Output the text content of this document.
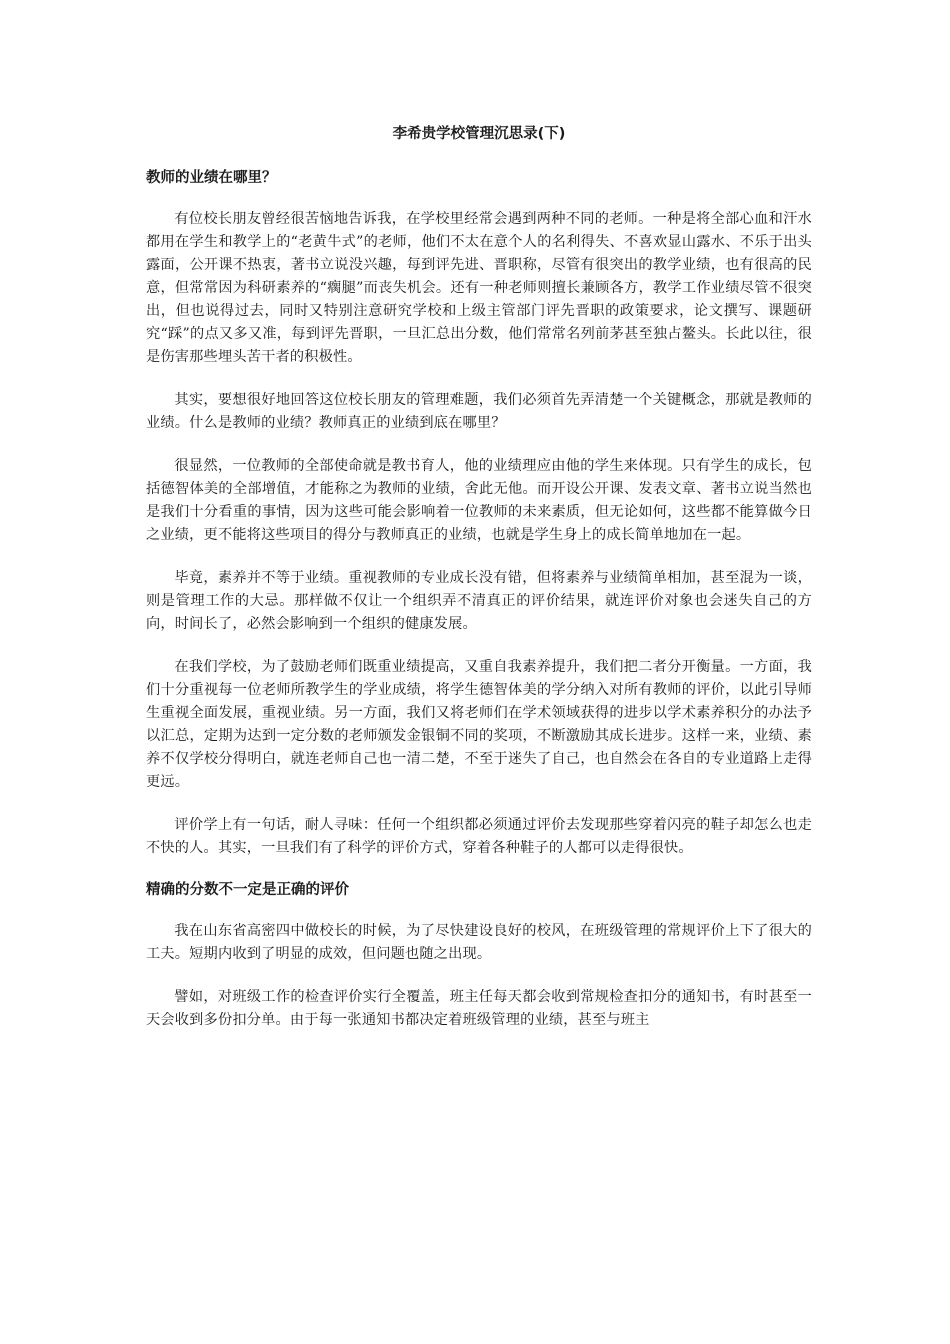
李希贵学校管理沉思录(下)
教师的业绩在哪里？

有位校长朋友曾经很苦恼地告诉我，在学校里经常会遇到两种不同的老师。一种是将全部心血和汗水都用在学生和教学上的“老黄牛式”的老师，他们不太在意个人的名利得失、不喜欢显山露水、不乐于出头露面，公开课不热衷，著书立说没兴趣，每到评先进、晋职称，尽管有很突出的教学业绩，也有很高的民意，但常常因为科研素养的“瘸腿”而丧失机会。还有一种老师则擅长兼顾各方，教学工作业绩尽管不很突出，但也说得过去，同时又特别注意研究学校和上级主管部门评先晋职的政策要求，论文撰写、课题研究“踩”的点又多又准，每到评先晋职，一旦汇总出分数，他们常常名列前茅甚至独占鳌头。长此以往，很是伤害那些埋头苦干者的积极性。

其实，要想很好地回答这位校长朋友的管理难题，我们必须首先弄清楚一个关键概念，那就是教师的业绩。什么是教师的业绩？教师真正的业绩到底在哪里？

很显然，一位教师的全部使命就是教书育人，他的业绩理应由他的学生来体现。只有学生的成长，包括德智体美的全部增值，才能称之为教师的业绩，舍此无他。而开设公开课、发表文章、著书立说当然也是我们十分看重的事情，因为这些可能会影响着一位教师的未来素质，但无论如何，这些都不能算做今日之业绩，更不能将这些项目的得分与教师真正的业绩，也就是学生身上的成长简单地加在一起。

毕竟，素养并不等于业绩。重视教师的专业成长没有错，但将素养与业绩简单相加，甚至混为一谈，则是管理工作的大忌。那样做不仅让一个组织弄不清真正的评价结果，就连评价对象也会迷失自己的方向，时间长了，必然会影响到一个组织的健康发展。

在我们学校，为了鼓励老师们既重业绩提高，又重自我素养提升，我们把二者分开衡量。一方面，我们十分重视每一位老师所教学生的学业成绩，将学生德智体美的学分纳入对所有教师的评价，以此引导师生重视全面发展，重视业绩。另一方面，我们又将老师们在学术领域获得的进步以学术素养积分的办法予以汇总，定期为达到一定分数的老师颁发金银铜不同的奖项，不断激励其成长进步。这样一来，业绩、素养不仅学校分得明白，就连老师自己也一清二楚，不至于迷失了自己，也自然会在各自的专业道路上走得更远。

评价学上有一句话，耐人寻味：任何一个组织都必须通过评价去发现那些穿着闪亮的鞋子却怎么也走不快的人。其实，一旦我们有了科学的评价方式，穿着各种鞋子的人都可以走得很快。

精确的分数不一定是正确的评价

我在山东省高密四中做校长的时候，为了尽快建设良好的校风，在班级管理的常规评价上下了很大的工夫。短期内收到了明显的成效，但问题也随之出现。

譬如，对班级工作的检查评价实行全覆盖，班主任每天都会收到常规检查扣分的通知书，有时甚至一天会收到多份扣分单。由于每一张通知书都决定着班级管理的业绩，甚至与班主
